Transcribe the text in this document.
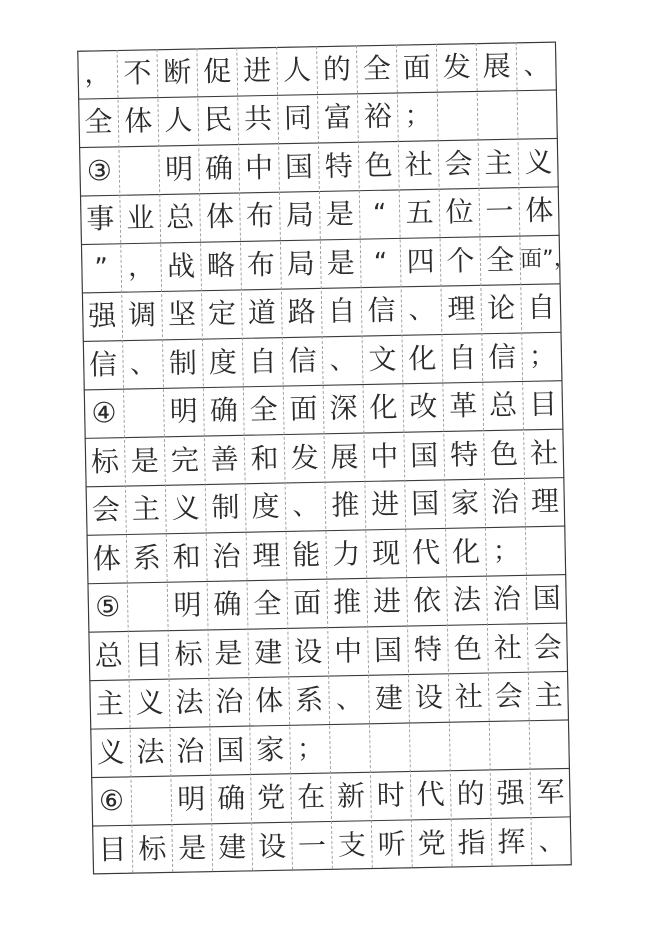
， 不 断 促 进 人 的 全 面 发 展 、
全 体 人 民 共 同 富 裕 ；
③ 明 确 中 国 特 色 社 会 主 义
事 业 总 体 布 局 是 “ 五 位 一 体
” ， 战 略 布 局 是 “ 四 个 全 面”，
强 调 坚 定 道 路 自 信 、 理 论 自
信 、 制 度 自 信 、 文 化 自 信 ；
④ 明 确 全 面 深 化 改 革 总 目
标 是 完 善 和 发 展 中 国 特 色 社
会 主 义 制 度 、 推 进 国 家 治 理
体 系 和 治 理 能 力 现 代 化 ；
⑤ 明 确 全 面 推 进 依 法 治 国
总 目 标 是 建 设 中 国 特 色 社 会
主 义 法 治 体 系 、 建 设 社 会 主
义 法 治 国 家 ；
⑥ 明 确 党 在 新 时 代 的 强 军
目 标 是 建 设 一 支 听 党 指 挥 、
